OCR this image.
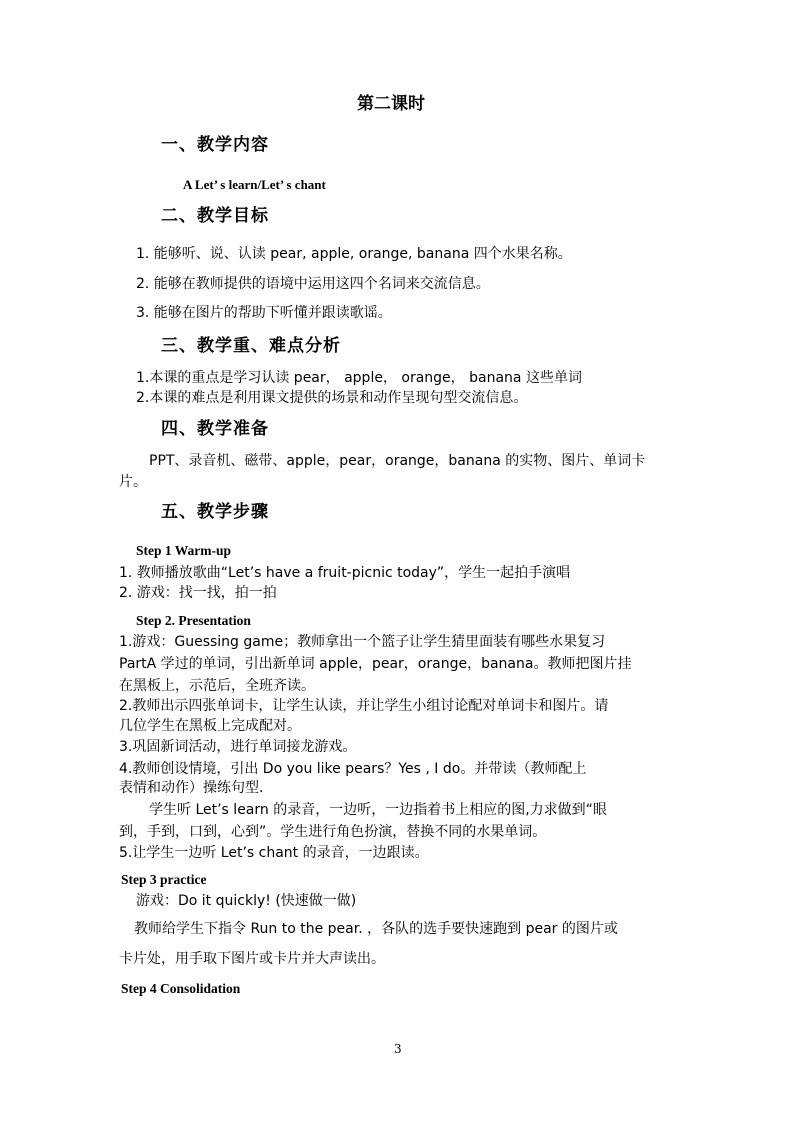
第二课时
一、教学内容
A Let’ s learn/Let’ s chant
二、教学目标
1. 能够听、说、认读 pear, apple, orange, banana 四个水果名称。
2. 能够在教师提供的语境中运用这四个名词来交流信息。
3. 能够在图片的帮助下听懂并跟读歌谣。
三、教学重、难点分析
1.本课的重点是学习认读 pear， apple， orange， banana 这些单词
2.本课的难点是利用课文提供的场景和动作呈现句型交流信息。
四、教学准备
PPT、录音机、磁带、apple，pear，orange，banana 的实物、图片、单词卡
片。
五、教学步骤
Step 1 Warm-up
1. 教师播放歌曲“Let’s have a fruit-picnic today”，学生一起拍手演唱
2. 游戏：找一找，拍一拍
Step 2. Presentation
1.游戏：Guessing game；教师拿出一个篮子让学生猜里面装有哪些水果复习
PartA 学过的单词，引出新单词 apple，pear，orange，banana。教师把图片挂
在黑板上，示范后，全班齐读。
2.教师出示四张单词卡，让学生认读，并让学生小组讨论配对单词卡和图片。请
几位学生在黑板上完成配对。
3.巩固新词活动，进行单词接龙游戏。
4.教师创设情境，引出 Do you like pears？Yes , I do。并带读（教师配上
表情和动作）操练句型.
学生听 Let’s learn 的录音，一边听，一边指着书上相应的图,力求做到“眼
到，手到，口到，心到”。学生进行角色扮演，替换不同的水果单词。
5.让学生一边听 Let’s chant 的录音，一边跟读。
Step 3 practice
游戏：Do it quickly! (快速做一做)
教师给学生下指令 Run to the pear. ，各队的选手要快速跑到 pear 的图片或
卡片处，用手取下图片或卡片并大声读出。
Step 4 Consolidation
3
